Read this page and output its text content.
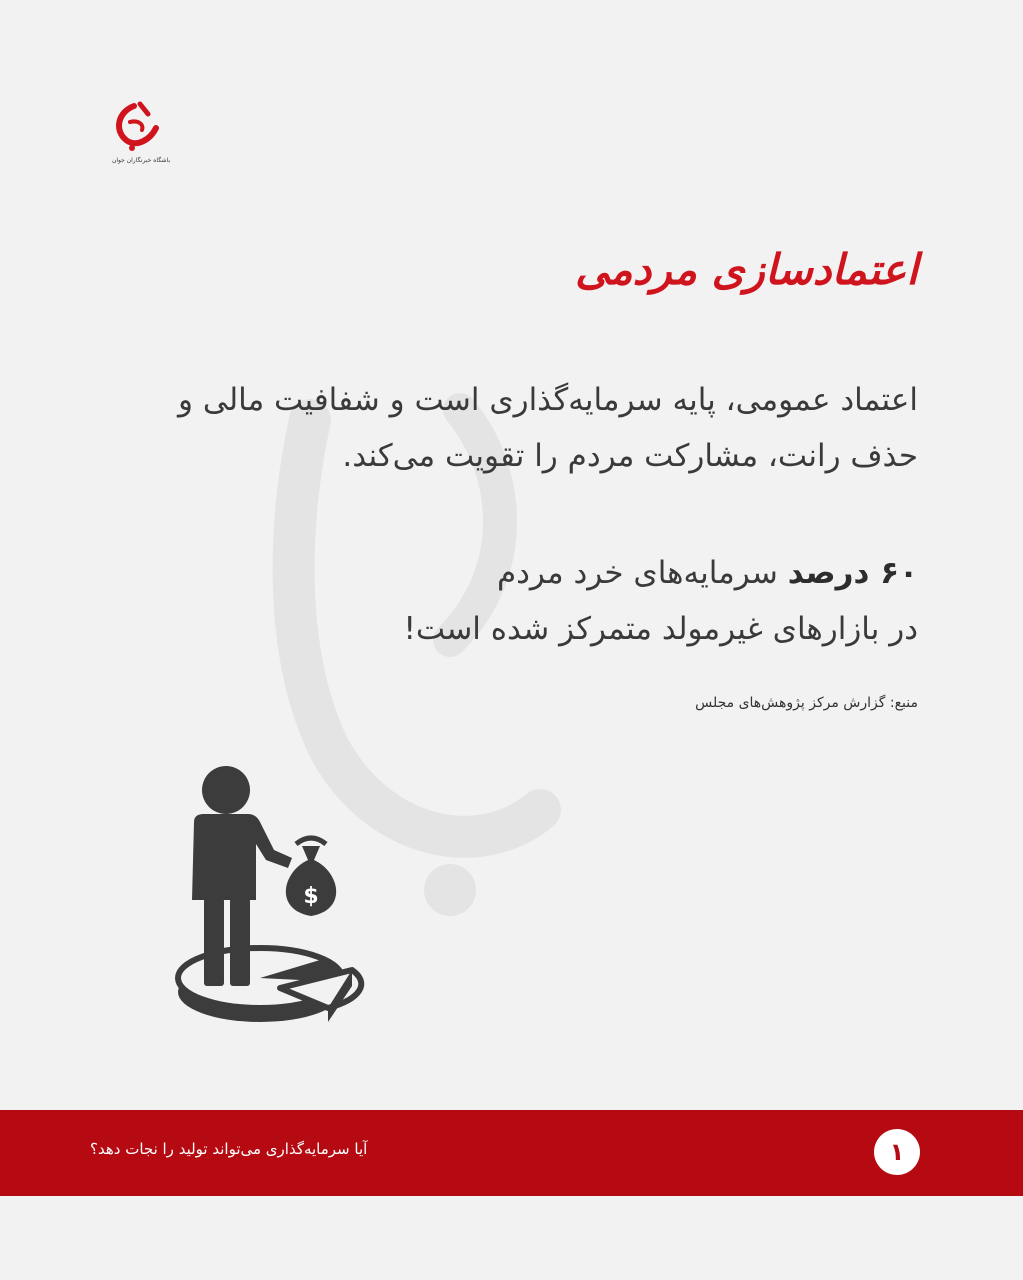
باشگاه خبرنگاران جوان
اعتمادسازی مردمی

اعتماد عمومی، پایه سرمایه‌گذاری است و شفافیت مالی و حذف رانت، مشارکت مردم را تقویت می‌کند.

۶۰ درصد سرمایه‌های خرد مردم
در بازارهای غیرمولد متمرکز شده است!

منبع: گزارش مرکز پژوهش‌های مجلس

$

آیا سرمایه‌گذاری می‌تواند تولید را نجات دهد؟	۱
